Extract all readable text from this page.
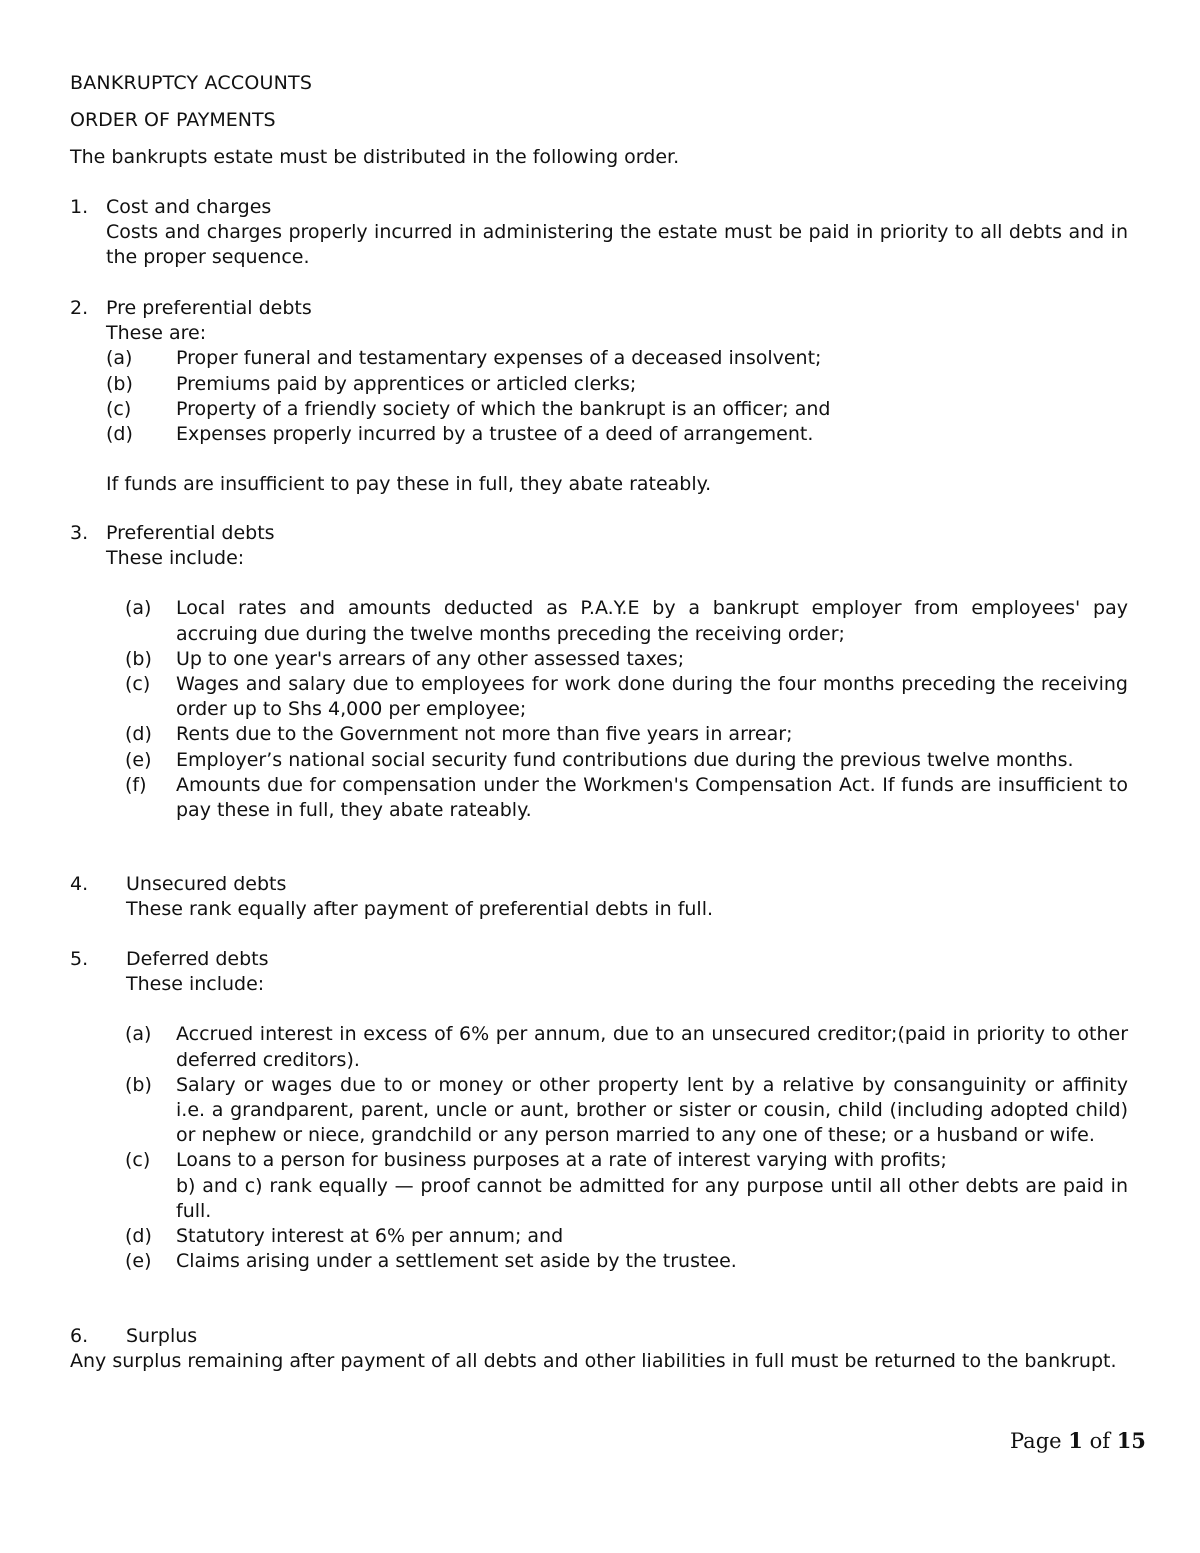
BANKRUPTCY ACCOUNTS
ORDER OF PAYMENTS
The bankrupts estate must be distributed in the following order.
1. Cost and charges
Costs and charges properly incurred in administering the estate must be paid in priority to all debts and in the proper sequence.
2. Pre preferential debts
These are:
(a)	Proper funeral and testamentary expenses of a deceased insolvent;
(b)	Premiums paid by apprentices or articled clerks;
(c)	Property of a friendly society of which the bankrupt is an officer; and
(d)	Expenses properly incurred by a trustee of a deed of arrangement.
If funds are insufficient to pay these in full, they abate rateably.
3. Preferential debts
These include:
(a)	Local rates and amounts deducted as P.A.Y.E by a bankrupt employer from employees' pay accruing due during the twelve months preceding the receiving order;
(b)	Up to one year's arrears of any other assessed taxes;
(c)	Wages and salary due to employees for work done during the four months preceding the receiving order up to Shs 4,000 per employee;
(d)	Rents due to the Government not more than five years in arrear;
(e)	Employer’s national social security fund contributions due during the previous twelve months.
(f)	Amounts due for compensation under the Workmen's Compensation Act. If funds are insufficient to pay these in full, they abate rateably.
4. Unsecured debts
These rank equally after payment of preferential debts in full.
5. Deferred debts
These include:
(a)	Accrued interest in excess of 6% per annum, due to an unsecured creditor;(paid in priority to other deferred creditors).
(b)	Salary or wages due to or money or other property lent by a relative by consanguinity or affinity i.e. a grandparent, parent, uncle or aunt, brother or sister or cousin, child (including adopted child) or nephew or niece, grandchild or any person married to any one of these; or a husband or wife.
(c)	Loans to a person for business purposes at a rate of interest varying with profits;
b) and c) rank equally — proof cannot be admitted for any purpose until all other debts are paid in full.
(d)	Statutory interest at 6% per annum; and
(e)	Claims arising under a settlement set aside by the trustee.
6. Surplus
Any surplus remaining after payment of all debts and other liabilities in full must be returned to the bankrupt.
Page 1 of 15
